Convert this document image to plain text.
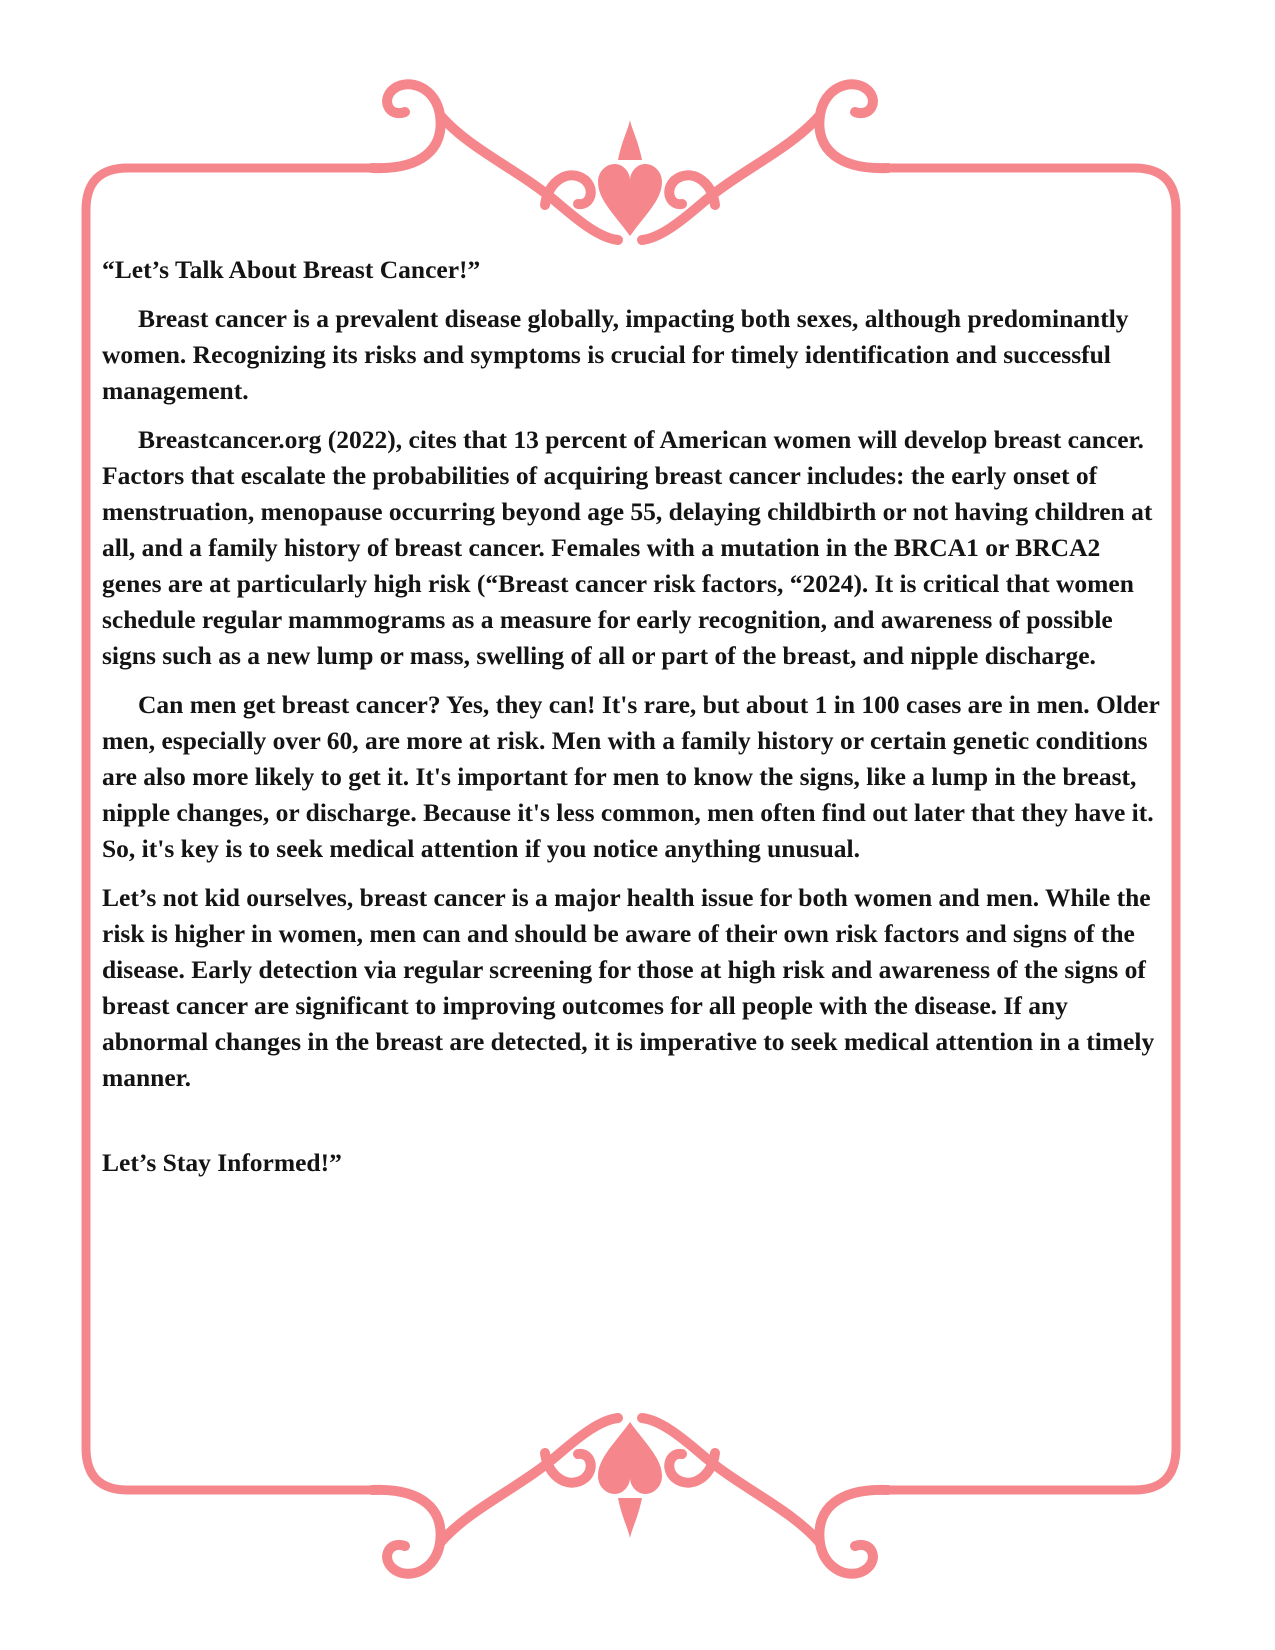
“Let’s Talk About Breast Cancer!”

Breast cancer is a prevalent disease globally, impacting both sexes, although predominantly women. Recognizing its risks and symptoms is crucial for timely identification and successful management.

Breastcancer.org (2022), cites that 13 percent of American women will develop breast cancer. Factors that escalate the probabilities of acquiring breast cancer includes: the early onset of menstruation, menopause occurring beyond age 55, delaying childbirth or not having children at all, and a family history of breast cancer. Females with a mutation in the BRCA1 or BRCA2 genes are at particularly high risk (“Breast cancer risk factors, “2024). It is critical that women schedule regular mammograms as a measure for early recognition, and awareness of possible signs such as a new lump or mass, swelling of all or part of the breast, and nipple discharge.

Can men get breast cancer? Yes, they can! It's rare, but about 1 in 100 cases are in men. Older men, especially over 60, are more at risk. Men with a family history or certain genetic conditions are also more likely to get it. It's important for men to know the signs, like a lump in the breast, nipple changes, or discharge. Because it's less common, men often find out later that they have it. So, it's key is to seek medical attention if you notice anything unusual.

Let’s not kid ourselves, breast cancer is a major health issue for both women and men. While the risk is higher in women, men can and should be aware of their own risk factors and signs of the disease. Early detection via regular screening for those at high risk and awareness of the signs of breast cancer are significant to improving outcomes for all people with the disease. If any abnormal changes in the breast are detected, it is imperative to seek medical attention in a timely manner.

Let’s Stay Informed!”
